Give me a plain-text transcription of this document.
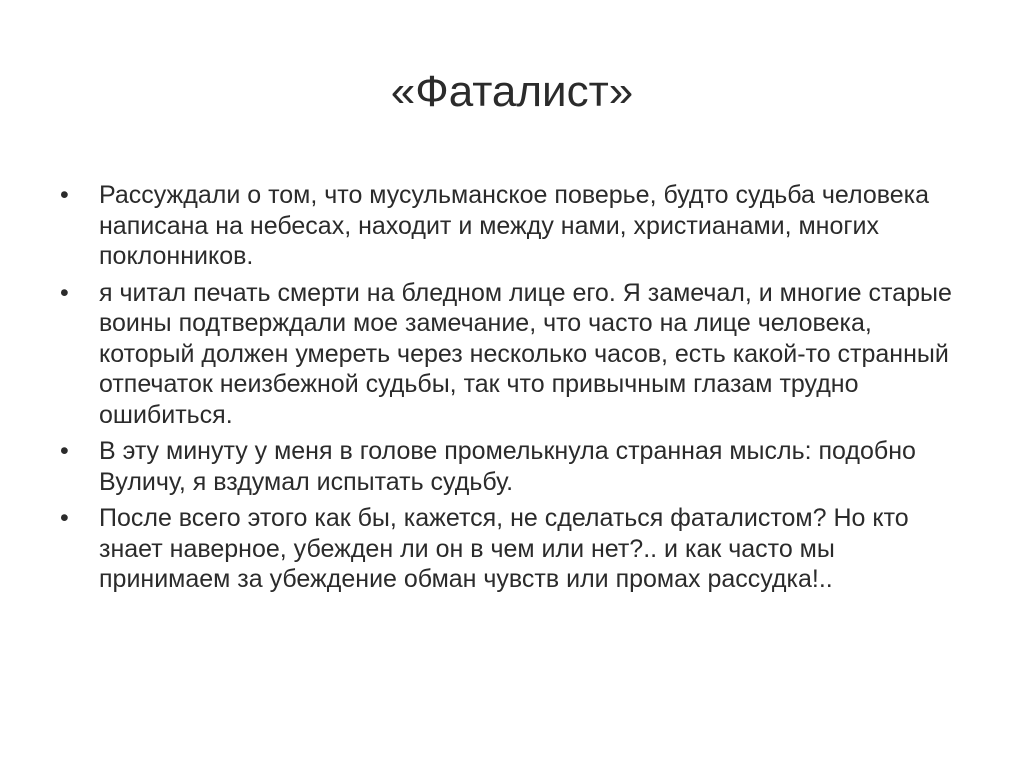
«Фаталист»
•	Рассуждали о том, что мусульманское поверье, будто судьба человека написана на небесах, находит и между нами, христианами, многих поклонников.
•	я читал печать смерти на бледном лице его. Я замечал, и многие старые воины подтверждали мое замечание, что часто на лице человека, который должен умереть через несколько часов, есть какой-то странный отпечаток неизбежной судьбы, так что привычным глазам трудно ошибиться.
•	В эту минуту у меня в голове промелькнула странная мысль: подобно Вуличу, я вздумал испытать судьбу.
•	После всего этого как бы, кажется, не сделаться фаталистом? Но кто знает наверное, убежден ли он в чем или нет?.. и как часто мы принимаем за убеждение обман чувств или промах рассудка!..
